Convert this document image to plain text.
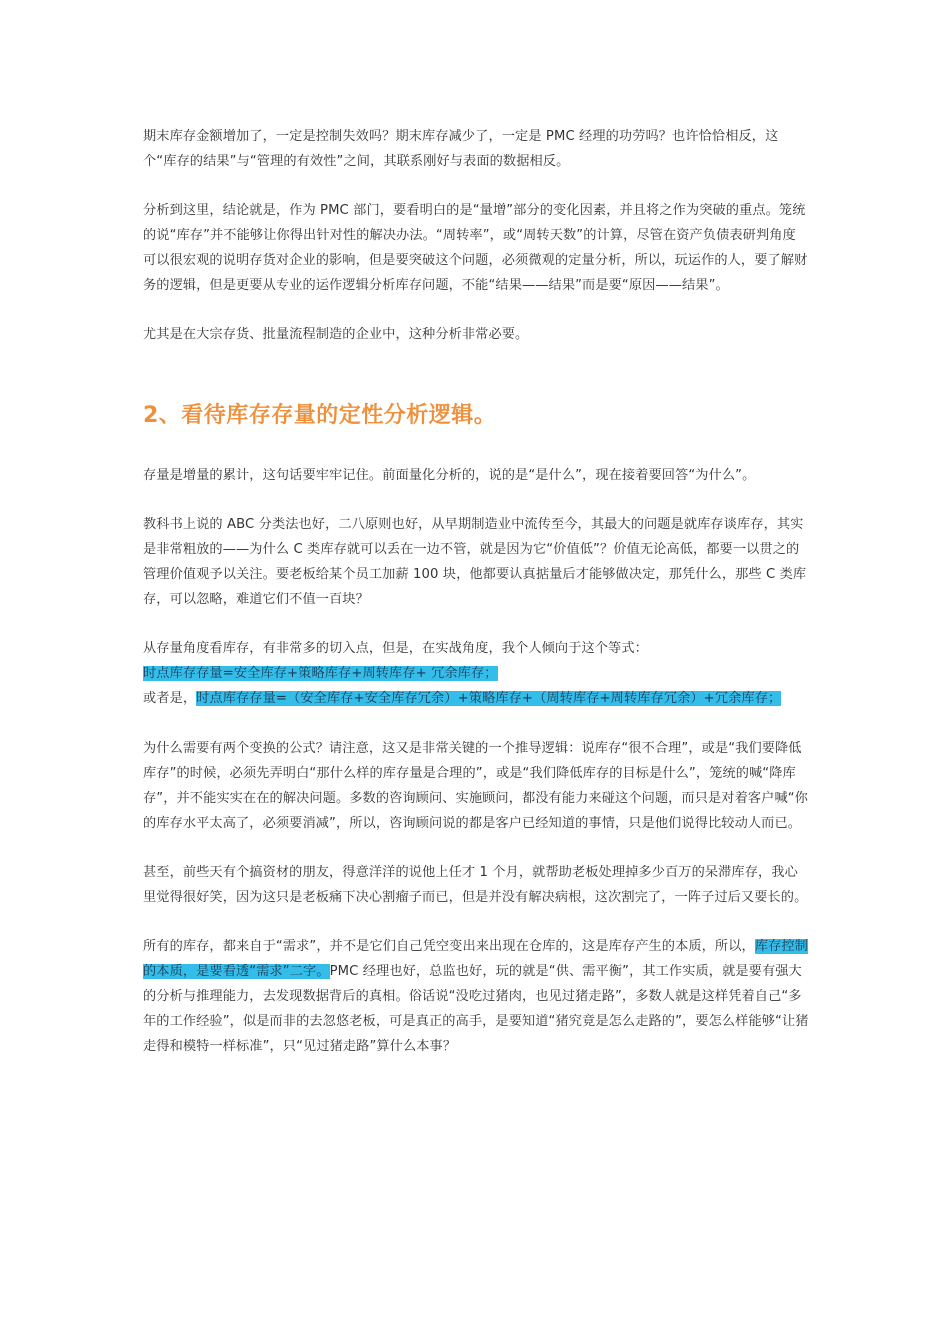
期末库存金额增加了，一定是控制失效吗？期末库存减少了，一定是 PMC 经理的功劳吗？也许恰恰相反，这个“库存的结果”与“管理的有效性”之间，其联系刚好与表面的数据相反。

分析到这里，结论就是，作为 PMC 部门，要看明白的是“量增”部分的变化因素，并且将之作为突破的重点。笼统的说“库存”并不能够让你得出针对性的解决办法。“周转率”，或“周转天数”的计算，尽管在资产负债表研判角度可以很宏观的说明存货对企业的影响，但是要突破这个问题，必须微观的定量分析，所以，玩运作的人，要了解财务的逻辑，但是更要从专业的运作逻辑分析库存问题，不能“结果——结果”而是要“原因——结果”。

尤其是在大宗存货、批量流程制造的企业中，这种分析非常必要。

2、看待库存存量的定性分析逻辑。

存量是增量的累计，这句话要牢牢记住。前面量化分析的，说的是“是什么”，现在接着要回答“为什么”。

教科书上说的 ABC 分类法也好，二八原则也好，从早期制造业中流传至今，其最大的问题是就库存谈库存，其实是非常粗放的——为什么 C 类库存就可以丢在一边不管，就是因为它“价值低”？价值无论高低，都要一以贯之的管理价值观予以关注。要老板给某个员工加薪 100 块，他都要认真掂量后才能够做决定，那凭什么，那些 C 类库存，可以忽略，难道它们不值一百块？

从存量角度看库存，有非常多的切入点，但是，在实战角度，我个人倾向于这个等式：
时点库存存量=安全库存+策略库存+周转库存+ 冗余库存；
或者是，时点库存存量=（安全库存+安全库存冗余）+策略库存+（周转库存+周转库存冗余）+冗余库存；

为什么需要有两个变换的公式？请注意，这又是非常关键的一个推导逻辑：说库存“很不合理”，或是“我们要降低库存”的时候，必须先弄明白“那什么样的库存量是合理的”，或是“我们降低库存的目标是什么”，笼统的喊“降库存”，并不能实实在在的解决问题。多数的咨询顾问、实施顾问，都没有能力来碰这个问题，而只是对着客户喊“你的库存水平太高了，必须要消减”，所以，咨询顾问说的都是客户已经知道的事情，只是他们说得比较动人而已。

甚至，前些天有个搞资材的朋友，得意洋洋的说他上任才 1 个月，就帮助老板处理掉多少百万的呆滞库存，我心里觉得很好笑，因为这只是老板痛下决心割瘤子而已，但是并没有解决病根，这次割完了，一阵子过后又要长的。

所有的库存，都来自于“需求”，并不是它们自己凭空变出来出现在仓库的，这是库存产生的本质，所以，库存控制的本质，是要看透“需求”二字。PMC 经理也好，总监也好，玩的就是“供、需平衡”，其工作实质，就是要有强大的分析与推理能力，去发现数据背后的真相。俗话说“没吃过猪肉，也见过猪走路”，多数人就是这样凭着自己“多年的工作经验”，似是而非的去忽悠老板，可是真正的高手，是要知道“猪究竟是怎么走路的”，要怎么样能够“让猪走得和模特一样标准”，只“见过猪走路”算什么本事？
